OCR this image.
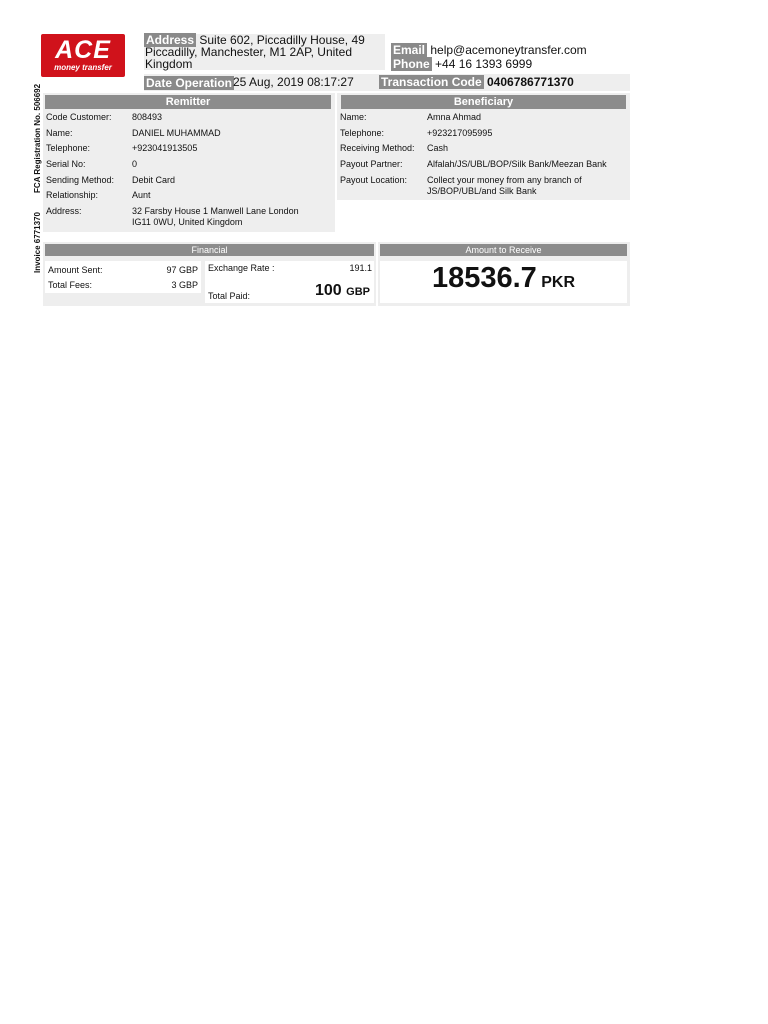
ACE
money transfer
Address Suite 602, Piccadilly House, 49
Piccadilly, Manchester, M1 2AP, United
Kingdom
Email help@acemoneytransfer.com
Phone +44 16 1393 6999
Date Operation 25 Aug, 2019 08:17:27 Transaction Code 0406786771370
FCA Registration No. 506692
Invoice 6771370
Remitter
Code Customer: 808493
Name:	DANIEL MUHAMMAD
Telephone:	+923041913505
Serial No:	0
Sending Method: Debit Card
Relationship:	Aunt
Address:	32 Farsby House 1 Manwell Lane London
IG11 0WU, United Kingdom
Beneficiary
Name:	Amna Ahmad
Telephone:	+923217095995
Receiving Method: Cash
Payout Partner:	Alfalah/JS/UBL/BOP/Silk Bank/Meezan Bank
Payout Location: Collect your money from any branch of
JS/BOP/UBL/and Silk Bank
Financial
Amount Sent:	97 GBP
Total Fees:	3 GBP
Exchange Rate :	191.1
Total Paid:	100 GBP
Amount to Receive
18536.7 PKR
